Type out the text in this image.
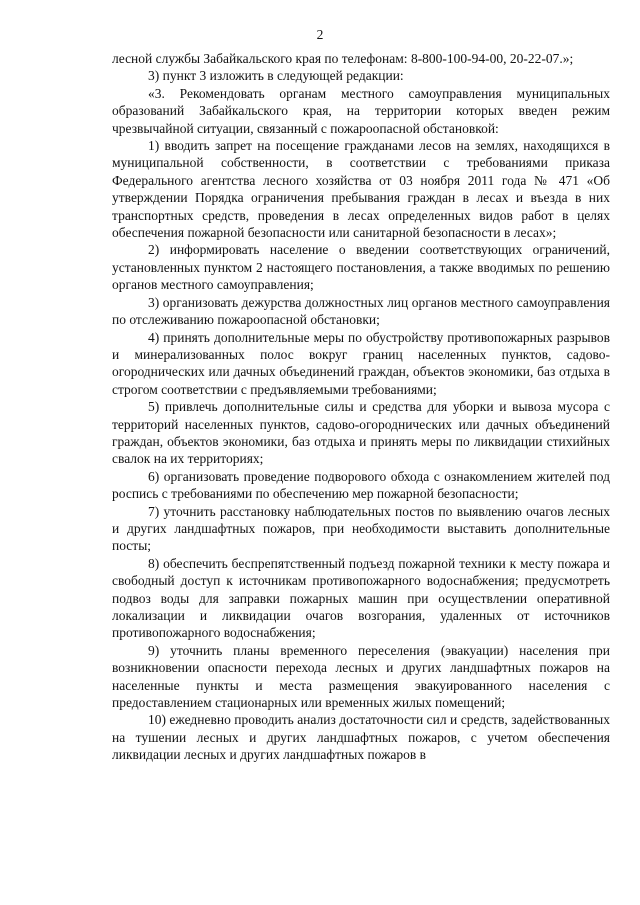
2

лесной службы Забайкальского края по телефонам: 8-800-100-94-00, 20-22-07.»;

3) пункт 3 изложить в следующей редакции:

«3. Рекомендовать органам местного самоуправления муниципальных образований Забайкальского края, на территории которых введен режим чрезвычайной ситуации, связанный с пожароопасной обстановкой:

1) вводить запрет на посещение гражданами лесов на землях, находящихся в муниципальной собственности, в соответствии с требованиями приказа Федерального агентства лесного хозяйства от 03 ноября 2011 года № 471 «Об утверждении Порядка ограничения пребывания граждан в лесах и въезда в них транспортных средств, проведения в лесах определенных видов работ в целях обеспечения пожарной безопасности или санитарной безопасности в лесах»;

2) информировать население о введении соответствующих ограничений, установленных пунктом 2 настоящего постановления, а также вводимых по решению органов местного самоуправления;

3) организовать дежурства должностных лиц органов местного самоуправления по отслеживанию пожароопасной обстановки;

4) принять дополнительные меры по обустройству противопожарных разрывов и минерализованных полос вокруг границ населенных пунктов, садово-огороднических или дачных объединений граждан, объектов экономики, баз отдыха в строгом соответствии с предъявляемыми требованиями;

5) привлечь дополнительные силы и средства для уборки и вывоза мусора с территорий населенных пунктов, садово-огороднических или дачных объединений граждан, объектов экономики, баз отдыха и принять меры по ликвидации стихийных свалок на их территориях;

6) организовать проведение подворового обхода с ознакомлением жителей под роспись с требованиями по обеспечению мер пожарной безопасности;

7) уточнить расстановку наблюдательных постов по выявлению очагов лесных и других ландшафтных пожаров, при необходимости выставить дополнительные посты;

8) обеспечить беспрепятственный подъезд пожарной техники к месту пожара и свободный доступ к источникам противопожарного водоснабжения; предусмотреть подвоз воды для заправки пожарных машин при осуществлении оперативной локализации и ликвидации очагов возгорания, удаленных от источников противопожарного водоснабжения;

9) уточнить планы временного переселения (эвакуации) населения при возникновении опасности перехода лесных и других ландшафтных пожаров на населенные пункты и места размещения эвакуированного населения с предоставлением стационарных или временных жилых помещений;

10) ежедневно проводить анализ достаточности сил и средств, задействованных на тушении лесных и других ландшафтных пожаров, с учетом обеспечения ликвидации лесных и других ландшафтных пожаров в
